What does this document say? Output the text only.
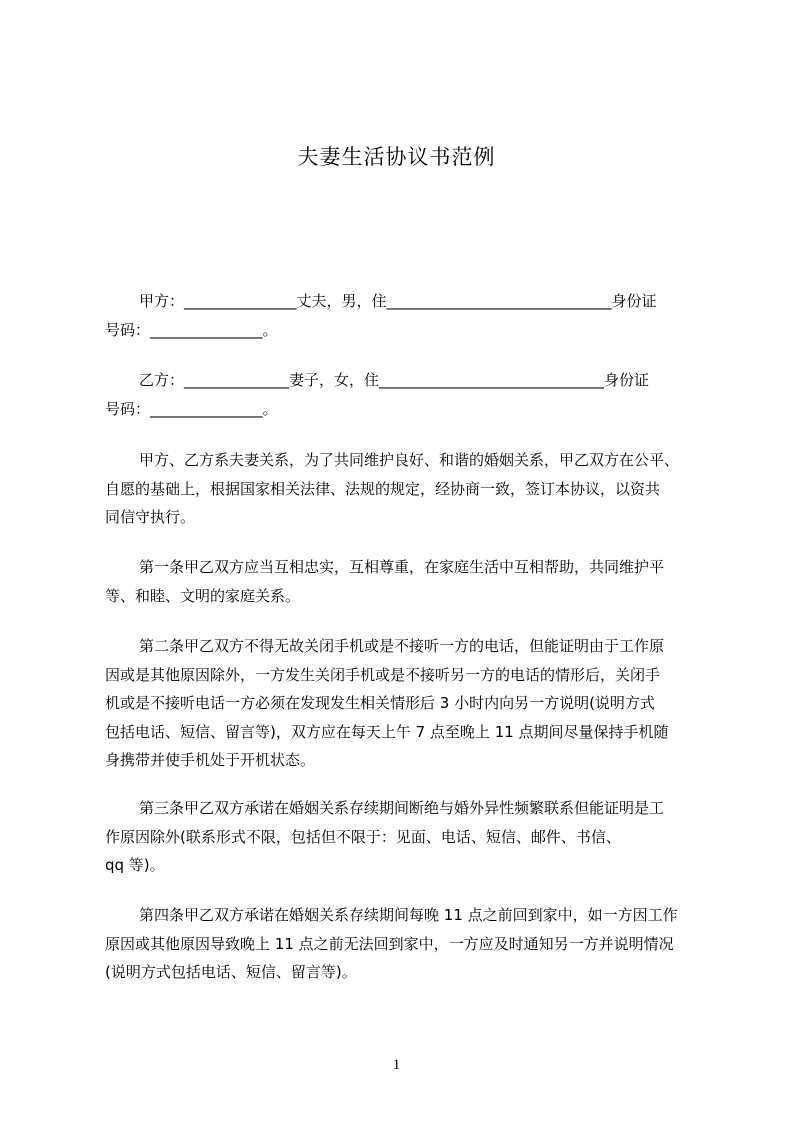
夫妻生活协议书范例
甲方：_______________丈夫，男，住______________________________身份证
号码：_______________。
乙方：______________妻子，女，住______________________________身份证
号码：_______________。
甲方、乙方系夫妻关系，为了共同维护良好、和谐的婚姻关系，甲乙双方在公平、
自愿的基础上，根据国家相关法律、法规的规定，经协商一致，签订本协议，以资共
同信守执行。
第一条甲乙双方应当互相忠实，互相尊重，在家庭生活中互相帮助，共同维护平
等、和睦、文明的家庭关系。
第二条甲乙双方不得无故关闭手机或是不接听一方的电话，但能证明由于工作原
因或是其他原因除外，一方发生关闭手机或是不接听另一方的电话的情形后，关闭手
机或是不接听电话一方必须在发现发生相关情形后 3 小时内向另一方说明(说明方式
包括电话、短信、留言等)，双方应在每天上午 7 点至晚上 11 点期间尽量保持手机随
身携带并使手机处于开机状态。
第三条甲乙双方承诺在婚姻关系存续期间断绝与婚外异性频繁联系但能证明是工
作原因除外(联系形式不限，包括但不限于：见面、电话、短信、邮件、书信、
qq 等)。
第四条甲乙双方承诺在婚姻关系存续期间每晚 11 点之前回到家中，如一方因工作
原因或其他原因导致晚上 11 点之前无法回到家中，一方应及时通知另一方并说明情况
(说明方式包括电话、短信、留言等)。
1
